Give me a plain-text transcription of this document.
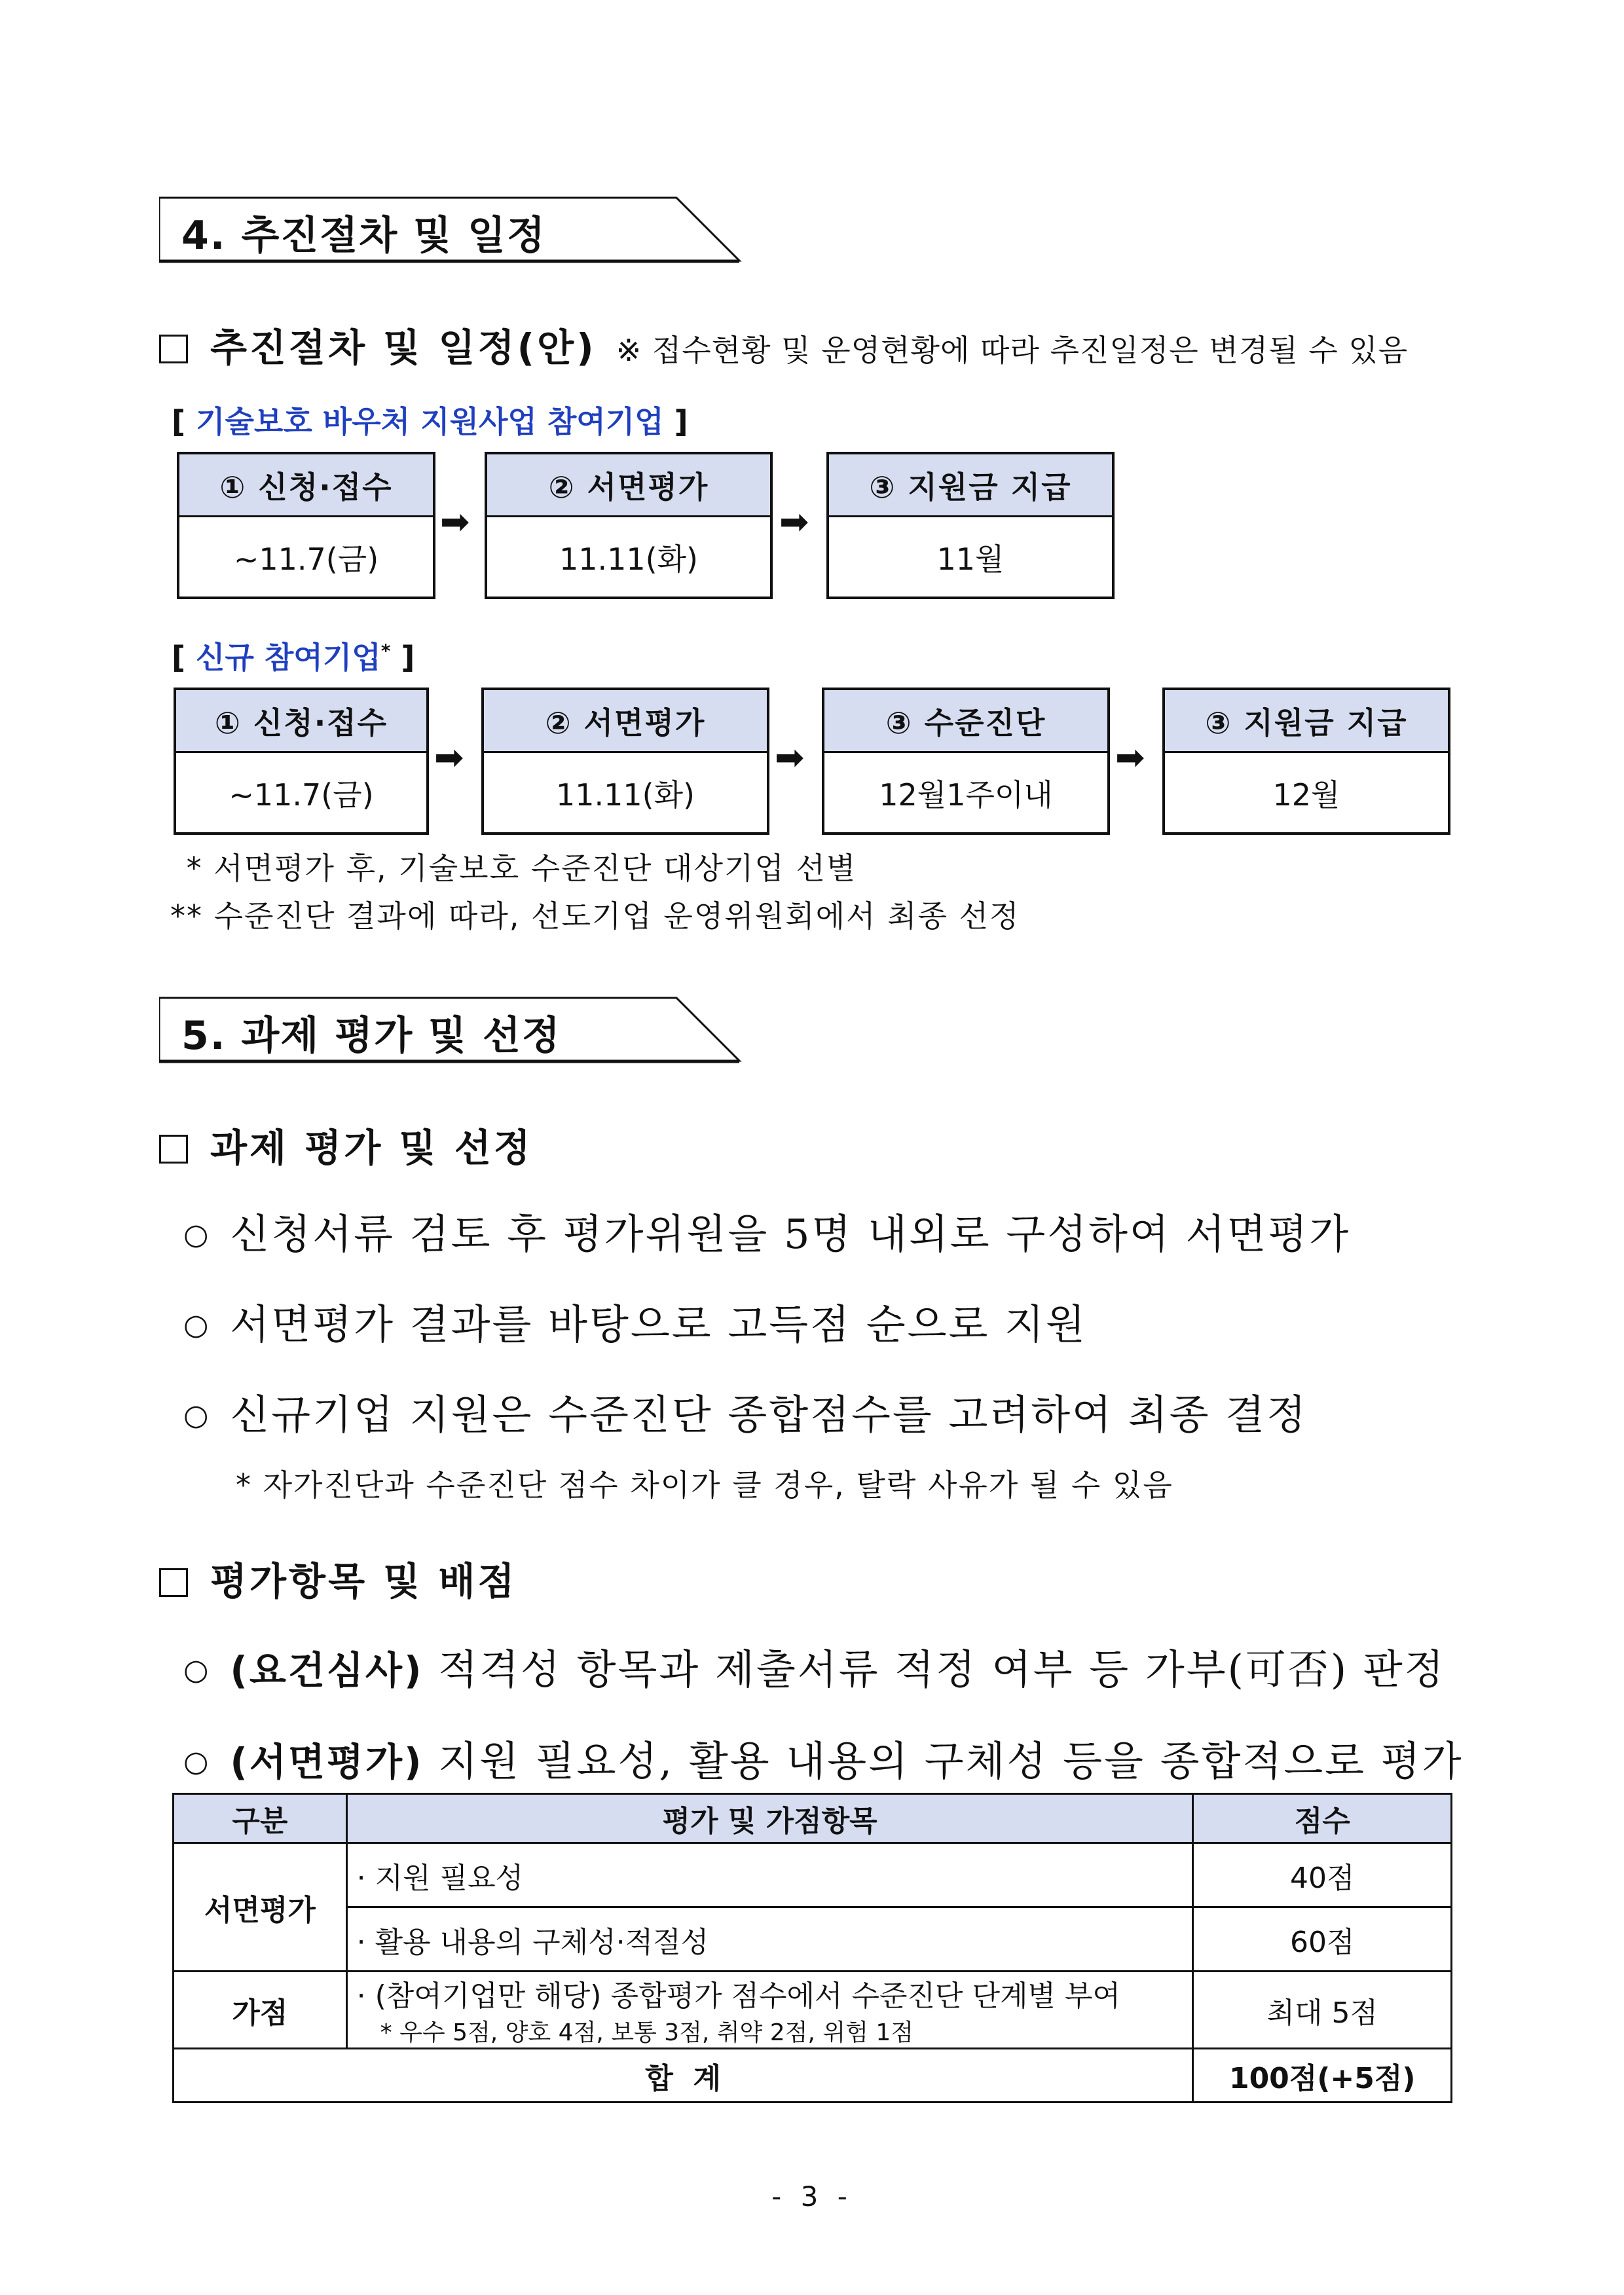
4. 추진절차 및 일정
추진절차 및 일정(안) ※ 접수현황 및 운영현황에 따라 추진일정은 변경될 수 있음
[ 기술보호 바우처 지원사업 참여기업 ]
① 신청·접수
~11.7(금)
➡
② 서면평가
11.11(화)
➡
③ 지원금 지급
11월
[ 신규 참여기업* ]
① 신청·접수
~11.7(금)
➡
② 서면평가
11.11(화)
➡
③ 수준진단
12월1주이내
➡
③ 지원금 지급
12월
* 서면평가 후, 기술보호 수준진단 대상기업 선별
** 수준진단 결과에 따라, 선도기업 운영위원회에서 최종 선정
5. 과제 평가 및 선정
과제 평가 및 선정
○ 신청서류 검토 후 평가위원을 5명 내외로 구성하여 서면평가
○ 서면평가 결과를 바탕으로 고득점 순으로 지원
○ 신규기업 지원은 수준진단 종합점수를 고려하여 최종 결정
* 자가진단과 수준진단 점수 차이가 클 경우, 탈락 사유가 될 수 있음
평가항목 및 배점
○ (요건심사) 적격성 항목과 제출서류 적정 여부 등 가부(可否) 판정
○ (서면평가) 지원 필요성, 활용 내용의 구체성 등을 종합적으로 평가
구분	평가 및 가점항목	점수
서면평가	· 지원 필요성	40점
	· 활용 내용의 구체성·적절성	60점
가점	· (참여기업만 해당) 종합평가 점수에서 수준진단 단계별 부여
* 우수 5점, 양호 4점, 보통 3점, 취약 2점, 위험 1점	최대 5점
합  계		100점(+5점)
- 3 -
